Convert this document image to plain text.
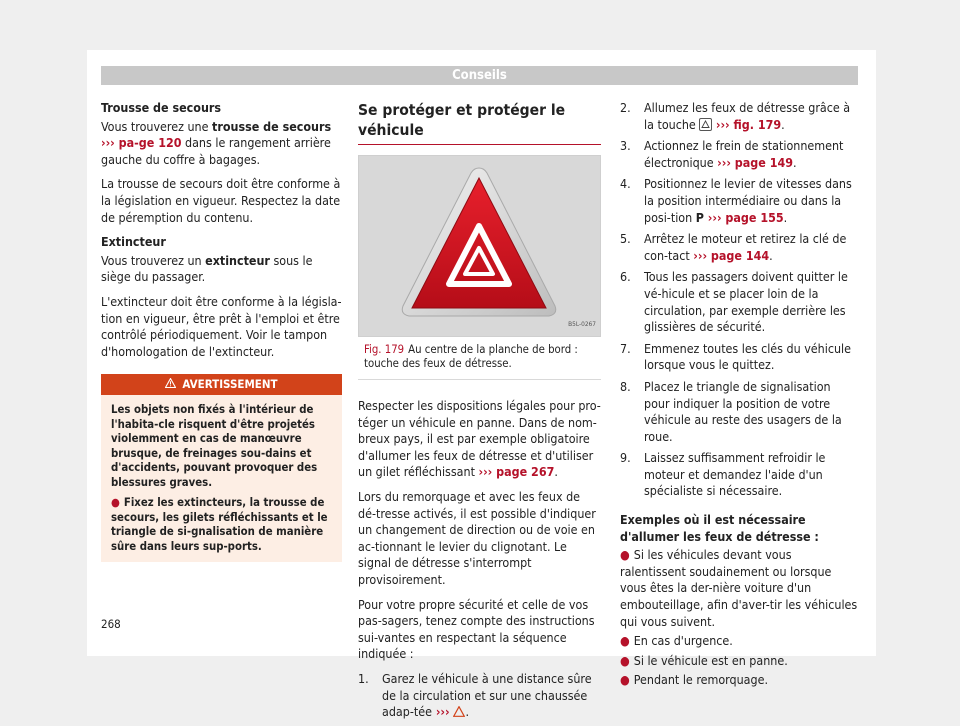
Conseils

Trousse de secours

Vous trouverez une trousse de secours ››› pa-ge 120 dans le rangement arrière gauche du coffre à bagages.

La trousse de secours doit être conforme à la législation en vigueur. Respectez la date de péremption du contenu.

Extincteur

Vous trouverez un extincteur sous le siège du passager.

L'extincteur doit être conforme à la législa-tion en vigueur, être prêt à l'emploi et être contrôlé périodiquement. Voir le tampon d'homologation de l'extincteur.

AVERTISSEMENT

Les objets non fixés à l'intérieur de l'habita-cle risquent d'être projetés violemment en cas de manœuvre brusque, de freinages sou-dains et d'accidents, pouvant provoquer des blessures graves.

● Fixez les extincteurs, la trousse de secours, les gilets réfléchissants et le triangle de si-gnalisation de manière sûre dans leurs sup-ports.

Se protéger et protéger le véhicule
B5L-0267
Fig. 179 Au centre de la planche de bord : touche des feux de détresse.

Respecter les dispositions légales pour pro-téger un véhicule en panne. Dans de nom-breux pays, il est par exemple obligatoire d'allumer les feux de détresse et d'utiliser un gilet réfléchissant ››› page 267.

Lors du remorquage et avec les feux de dé-tresse activés, il est possible d'indiquer un changement de direction ou de voie en ac-tionnant le levier du clignotant. Le signal de détresse s'interrompt provisoirement.

Pour votre propre sécurité et celle de vos pas-sagers, tenez compte des instructions sui-vantes en respectant la séquence indiquée :

1. Garez le véhicule à une distance sûre de la circulation et sur une chaussée adap-tée ››› .
2. Allumez les feux de détresse grâce à la touche
››› fig. 179.
3. Actionnez le frein de stationnement électronique ››› page 149.
4. Positionnez le levier de vitesses dans la position intermédiaire ou dans la posi-tion P ››› page 155.
5. Arrêtez le moteur et retirez la clé de con-tact ››› page 144.
6. Tous les passagers doivent quitter le vé-hicule et se placer loin de la circulation, par exemple derrière les glissières de sécurité.
7. Emmenez toutes les clés du véhicule lorsque vous le quittez.
8. Placez le triangle de signalisation pour indiquer la position de votre véhicule au reste des usagers de la roue.
9. Laissez suffisamment refroidir le moteur et demandez l'aide d'un spécialiste si nécessaire.

Exemples où il est nécessaire d'allumer les feux de détresse :

● Si les véhicules devant vous ralentissent soudainement ou lorsque vous êtes la der-nière voiture d'un embouteillage, afin d'aver-tir les véhicules qui vous suivent.
● En cas d'urgence.
● Si le véhicule est en panne.
● Pendant le remorquage.
268
